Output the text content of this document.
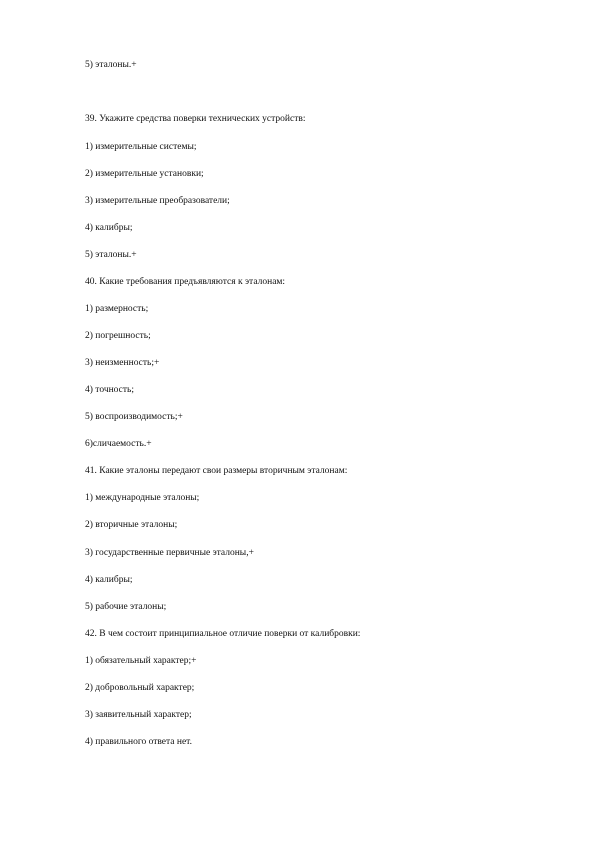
5) эталоны.+
39. Укажите средства поверки технических устройств:
1) измерительные системы;
2) измерительные установки;
3) измерительные преобразователи;
4) калибры;
5) эталоны.+
40. Какие требования предъявляются к эталонам:
1) размерность;
2) погрешность;
3) неизменность;+
4) точность;
5) воспроизводимость;+
6)сличаемость.+
41. Какие эталоны передают свои размеры вторичным эталонам:
1) международные эталоны;
2) вторичные эталоны;
3) государственные первичные эталоны,+
4) калибры;
5) рабочие эталоны;
42. В чем состоит принципиальное отличие поверки от калибровки:
1) обязательный характер;+
2) добровольный характер;
3) заявительный характер;
4) правильного ответа нет.
